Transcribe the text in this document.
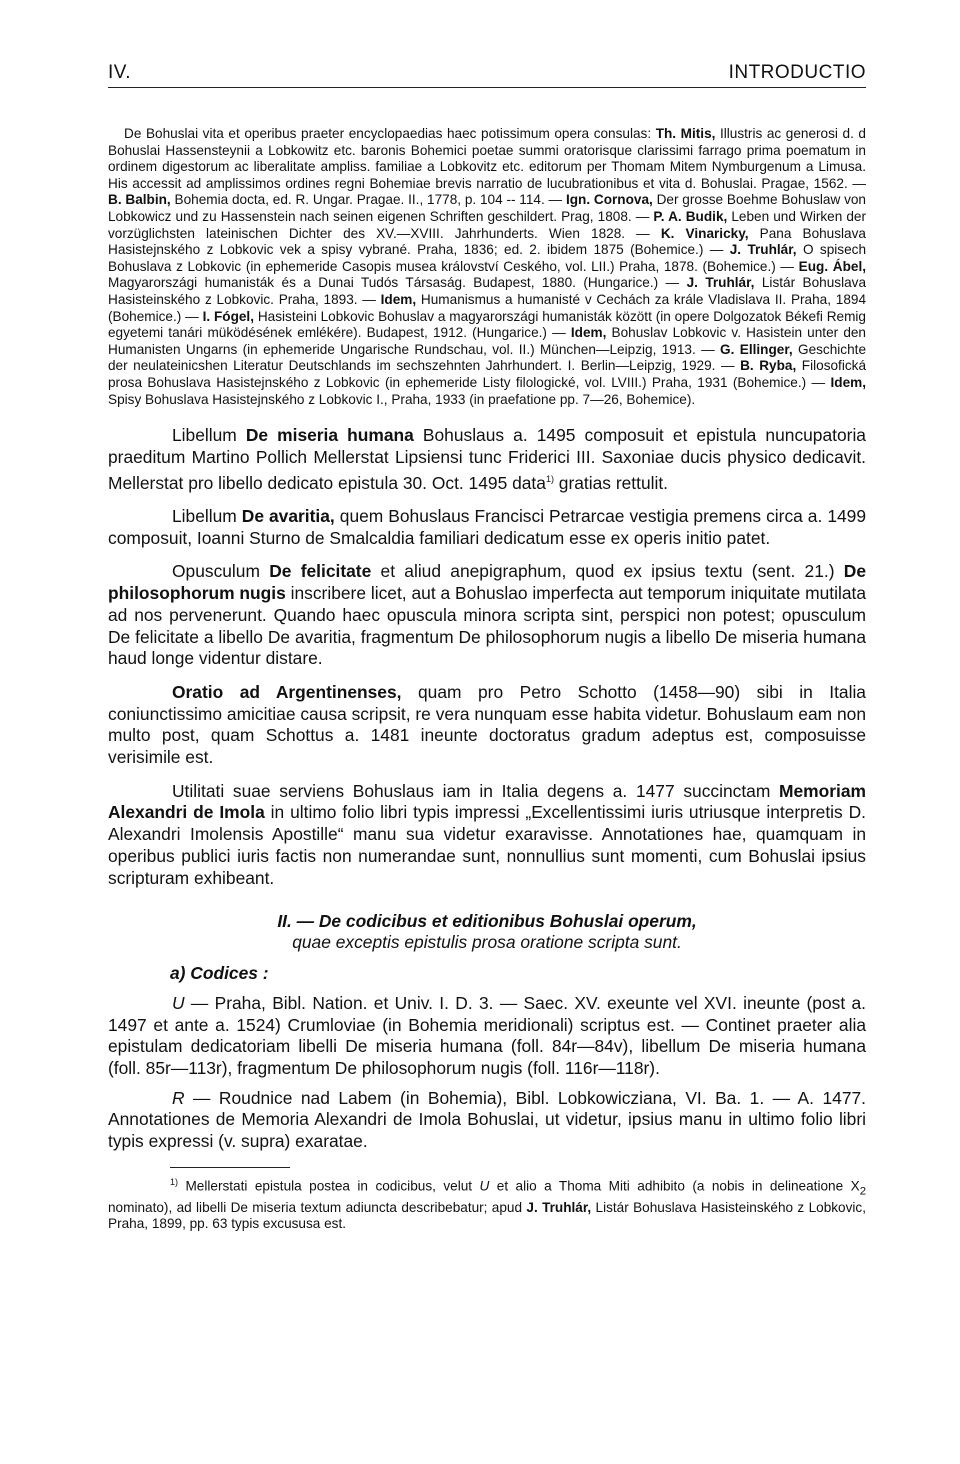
IV.	INTRODUCTIO

De Bohuslai vita et operibus praeter encyclopaedias haec potissimum opera consulas: Th. Mitis, Illustris ac generosi d. d Bohuslai Hassensteynii a Lobkowitz etc. baronis Bohemici poetae summi oratorisque clarissimi farrago prima poematum in ordinem digestorum ac liberalitate ampliss. familiae a Lobkovitz etc. editorum per Thomam Mitem Nymburgenum a Limusa. His accessit ad amplissimos ordines regni Bohemiae brevis narratio de lucubrationibus et vita d. Bohuslai. Pragae, 1562. — B. Balbin, Bohemia docta, ed. R. Ungar. Pragae. II., 1778, p. 104 -- 114. — Ign. Cornova, Der grosse Boehme Bohuslaw von Lobkowicz und zu Hassenstein nach seinen eigenen Schriften geschildert. Prag, 1808. — P. A. Budik, Leben und Wirken der vorzüglichsten lateinischen Dichter des XV.—XVIII. Jahrhunderts. Wien 1828. — K. Vinaricky, Pana Bohuslava Hasistejnského z Lobkovic vek a spisy vybrané. Praha, 1836; ed. 2. ibidem 1875 (Bohemice.) — J. Truhlár, O spisech Bohuslava z Lobkovic (in ephemeride Casopis musea království Ceského, vol. LII.) Praha, 1878. (Bohemice.) — Eug. Ábel, Magyarországi humanisták és a Dunai Tudós Társaság. Budapest, 1880. (Hungarice.) — J. Truhlár, Listár Bohuslava Hasisteinského z Lobkovic. Praha, 1893. — Idem, Humanismus a humanisté v Cechách za krále Vladislava II. Praha, 1894 (Bohemice.) — I. Fógel, Hasisteini Lobkovic Bohuslav a magyarországi humanisták között (in opere Dolgozatok Békefi Remig egyetemi tanári müködésének emlékére). Budapest, 1912. (Hungarice.) — Idem, Bohuslav Lobkovic v. Hasistein unter den Humanisten Ungarns (in ephemeride Ungarische Rundschau, vol. II.) München—Leipzig, 1913. — G. Ellinger, Geschichte der neulateinicshen Literatur Deutschlands im sechszehnten Jahrhundert. I. Berlin—Leipzig, 1929. — B. Ryba, Filosofická prosa Bohuslava Hasistejnského z Lobkovic (in ephemeride Listy filologické, vol. LVIII.) Praha, 1931 (Bohemice.) — Idem, Spisy Bohuslava Hasistejnského z Lobkovic I., Praha, 1933 (in praefatione pp. 7—26, Bohemice).

Libellum De miseria humana Bohuslaus a. 1495 composuit et epistula nuncupatoria praeditum Martino Pollich Mellerstat Lipsiensi tunc Friderici III. Saxoniae ducis physico dedicavit. Mellerstat pro libello dedicato epistula 30. Oct. 1495 data$^{1)}$ gratias rettulit.

Libellum De avaritia, quem Bohuslaus Francisci Petrarcae vestigia premens circa a. 1499 composuit, Ioanni Sturno de Smalcaldia familiari dedicatum esse ex operis initio patet.

Opusculum De felicitate et aliud anepigraphum, quod ex ipsius textu (sent. 21.) De philosophorum nugis inscribere licet, aut a Bohuslao imperfecta aut temporum iniquitate mutilata ad nos pervenerunt. Quando haec opuscula minora scripta sint, perspici non potest; opusculum De felicitate a libello De avaritia, fragmentum De philosophorum nugis a libello De miseria humana haud longe videntur distare.

Oratio ad Argentinenses, quam pro Petro Schotto (1458—90) sibi in Italia coniunctissimo amicitiae causa scripsit, re vera nunquam esse habita videtur. Bohuslaum eam non multo post, quam Schottus a. 1481 ineunte doctoratus gradum adeptus est, composuisse verisimile est.

Utilitati suae serviens Bohuslaus iam in Italia degens a. 1477 succinctam Memoriam Alexandri de Imola in ultimo folio libri typis impressi „Excellentissimi iuris utriusque interpretis D. Alexandri Imolensis Apostille“ manu sua videtur exaravisse. Annotationes hae, quamquam in operibus publici iuris factis non numerandae sunt, nonnullius sunt momenti, cum Bohuslai ipsius scripturam exhibeant.

II. — De codicibus et editionibus Bohuslai operum,
quae exceptis epistulis prosa oratione scripta sunt.
a) Codices :

U — Praha, Bibl. Nation. et Univ. I. D. 3. — Saec. XV. exeunte vel XVI. ineunte (post a. 1497 et ante a. 1524) Crumloviae (in Bohemia meridionali) scriptus est. — Continet praeter alia epistulam dedicatoriam libelli De miseria humana (foll. 84r—84v), libellum De miseria humana (foll. 85r—113r), fragmentum De philosophorum nugis (foll. 116r—118r).

R — Roudnice nad Labem (in Bohemia), Bibl. Lobkowicziana, VI. Ba. 1. — A. 1477. Annotationes de Memoria Alexandri de Imola Bohuslai, ut videtur, ipsius manu in ultimo folio libri typis expressi (v. supra) exaratae.

$^{1)}$ Mellerstati epistula postea in codicibus, velut U et alio a Thoma Miti adhibito (a nobis in delineatione $X_2$ nominato), ad libelli De miseria textum adiuncta describebatur; apud J. Truhlár, Listár Bohuslava Hasisteinského z Lobkovic, Praha, 1899, pp. 63 typis excususa est.
